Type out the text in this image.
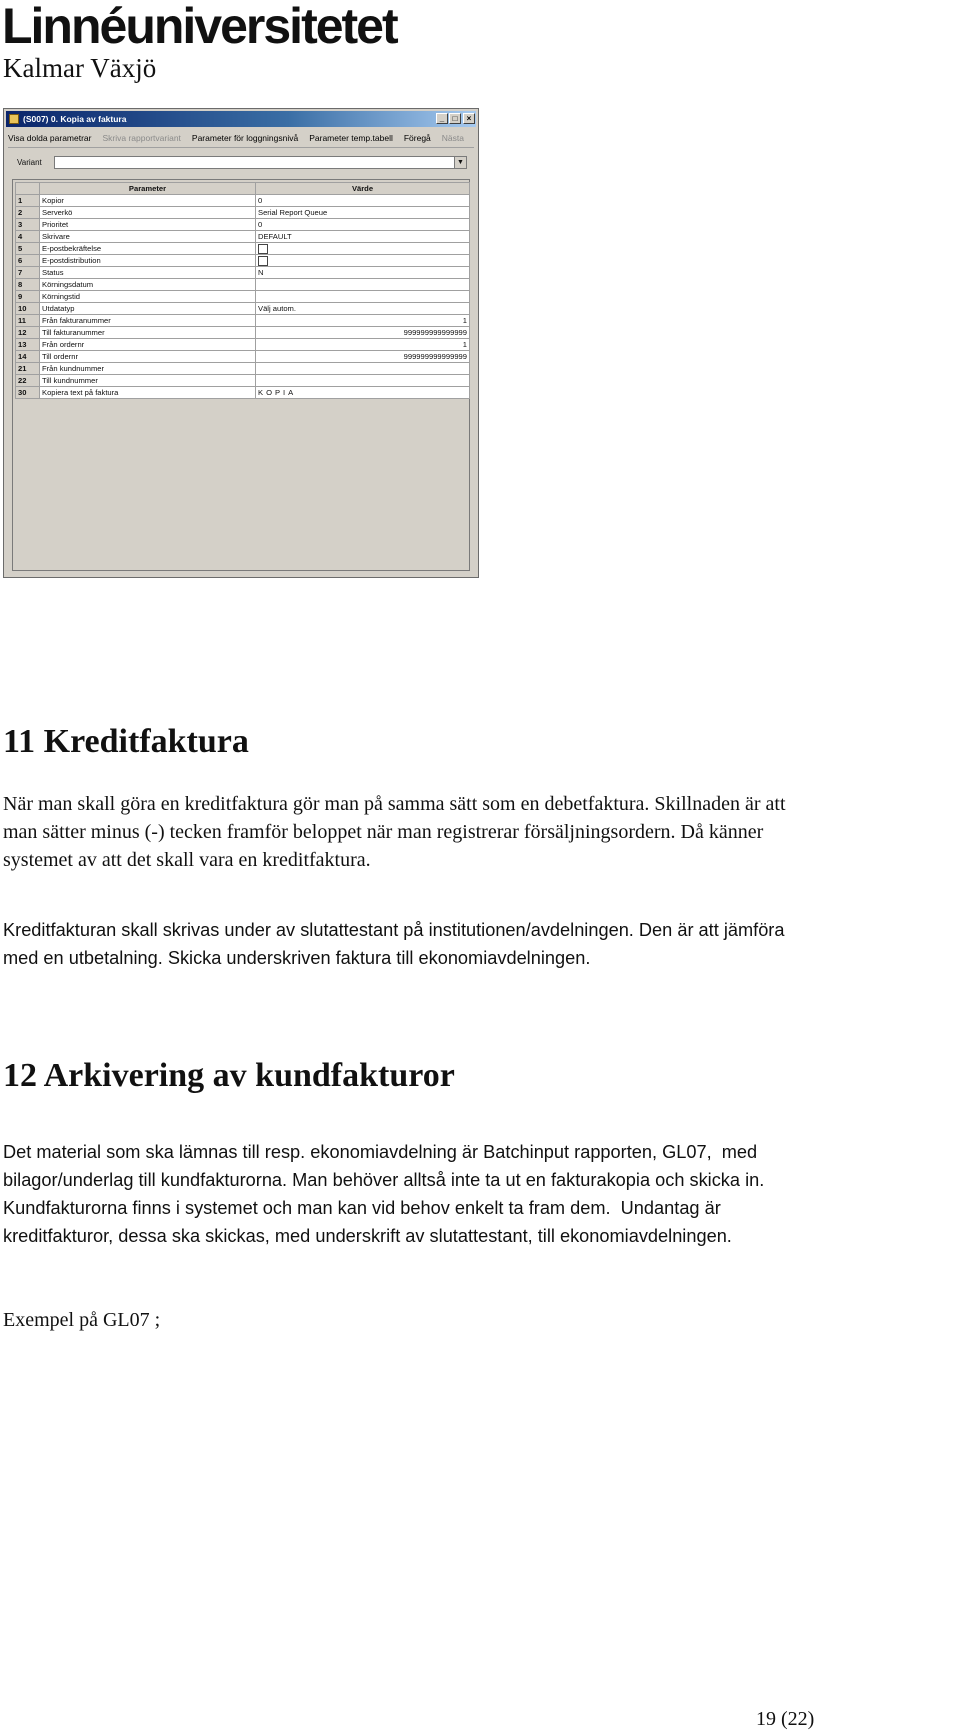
Linnéuniversitetet
Kalmar Växjö
(S007) 0. Kopia av faktura	_	□	×
Visa dolda parametrar Skriva rapportvariant Parameter för loggningsnivå Parameter temp.tabell Föregå Nästa
Variant	▼
	Parameter	Värde
1	Kopior	0
2	Serverkö	Serial Report Queue
3	Prioritet	0
4	Skrivare	DEFAULT
5	E-postbekräftelse	
6	E-postdistribution	
7	Status	N
8	Körningsdatum	
9	Körningstid	
10	Utdatatyp	Välj autom.
11	Från fakturanummer	1
12	Till fakturanummer	999999999999999
13	Från ordernr	1
14	Till ordernr	999999999999999
21	Från kundnummer	
22	Till kundnummer	
30	Kopiera text på faktura	KOPIA
11 Kreditfaktura

När man skall göra en kreditfaktura gör man på samma sätt som en debetfaktura. Skillnaden är att
man sätter minus (-) tecken framför beloppet när man registrerar försäljningsordern. Då känner
systemet av att det skall vara en kreditfaktura.

Kreditfakturan skall skrivas under av slutattestant på institutionen/avdelningen. Den är att jämföra
med en utbetalning. Skicka underskriven faktura till ekonomiavdelningen.

12 Arkivering av kundfakturor

Det material som ska lämnas till resp. ekonomiavdelning är Batchinput rapporten, GL07,  med
bilagor/underlag till kundfakturorna. Man behöver alltså inte ta ut en fakturakopia och skicka in.
Kundfakturorna finns i systemet och man kan vid behov enkelt ta fram dem.  Undantag är
kreditfakturor, dessa ska skickas, med underskrift av slutattestant, till ekonomiavdelningen.

Exempel på GL07 ;

19 (22)
